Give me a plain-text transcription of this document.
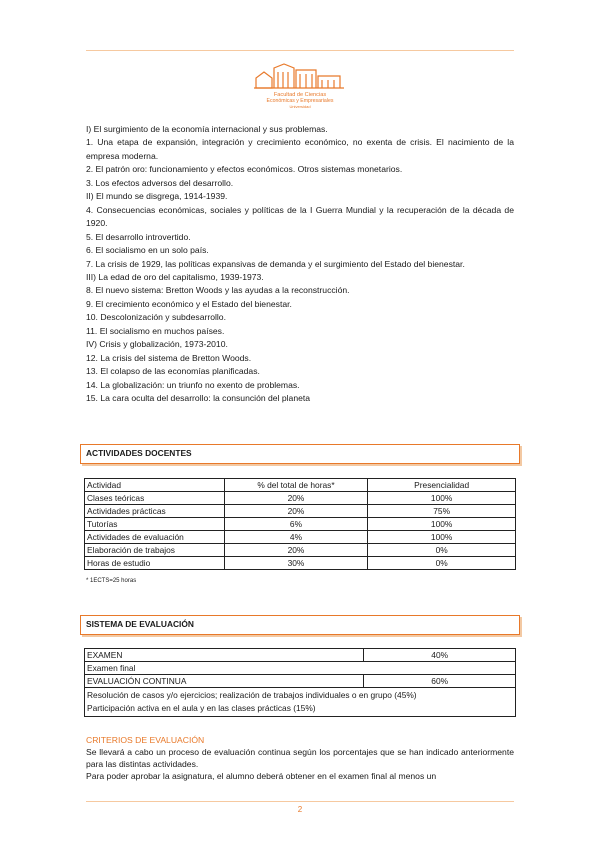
Facultad de Ciencias
Económicas y Empresariales
Universidad

I) El surgimiento de la economía internacional y sus problemas.

1. Una etapa de expansión, integración y crecimiento económico, no exenta de crisis. El nacimiento de la empresa moderna.

2. El patrón oro: funcionamiento y efectos económicos. Otros sistemas monetarios.

3. Los efectos adversos del desarrollo.

II) El mundo se disgrega, 1914-1939.

4. Consecuencias económicas, sociales y políticas de la I Guerra Mundial y la recuperación de la década de 1920.

5. El desarrollo introvertido.

6. El socialismo en un solo país.

7. La crisis de 1929, las políticas expansivas de demanda y el surgimiento del Estado del bienestar.

III) La edad de oro del capitalismo, 1939-1973.

8. El nuevo sistema: Bretton Woods y las ayudas a la reconstrucción.

9. El crecimiento económico y el Estado del bienestar.

10. Descolonización y subdesarrollo.

11. El socialismo en muchos países.

IV) Crisis y globalización, 1973-2010.

12. La crisis del sistema de Bretton Woods.

13. El colapso de las economías planificadas.

14. La globalización: un triunfo no exento de problemas.

15. La cara oculta del desarrollo: la consunción del planeta

ACTIVIDADES DOCENTES
Actividad	% del total de horas*	Presencialidad
Clases teóricas	20%	100%
Actividades prácticas	20%	75%
Tutorías	6%	100%
Actividades de evaluación	4%	100%
Elaboración de trabajos	20%	0%
Horas de estudio	30%	0%
* 1ECTS=25 horas
SISTEMA DE EVALUACIÓN
EXAMEN	40%
Examen final	
EVALUACIÓN CONTINUA	60%

Resolución de casos y/o ejercicios; realización de trabajos individuales o en grupo (45%)
Participación activa en el aula y en las clases prácticas (15%)	
CRITERIOS DE EVALUACIÓN

Se llevará a cabo un proceso de evaluación continua según los porcentajes que se han indicado anteriormente para las distintas actividades.

Para poder aprobar la asignatura, el alumno deberá obtener en el examen final al menos un

2
